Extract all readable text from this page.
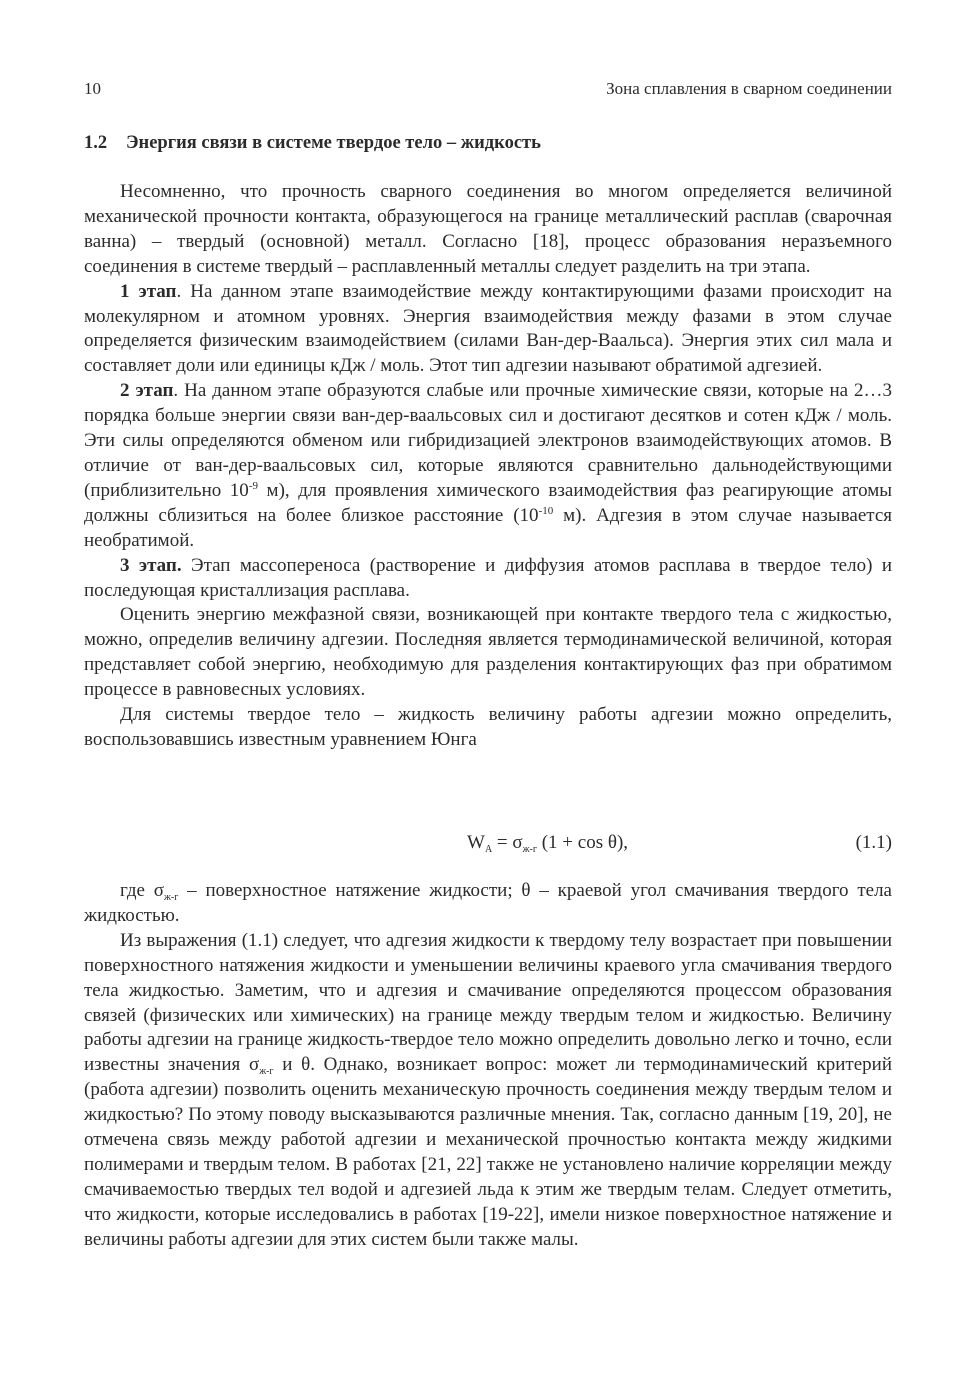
10	Зона сплавления в сварном соединении
1.2 Энергия связи в системе твердое тело – жидкость

Несомненно, что прочность сварного соединения во многом определяется величиной механической прочности контакта, образующегося на границе металлический расплав (сварочная ванна) – твердый (основной) металл. Согласно [18], процесс образования неразъемного соединения в системе твердый – расплавленный металлы следует разделить на три этапа.

1 этап. На данном этапе взаимодействие между контактирующими фазами происходит на молекулярном и атомном уровнях. Энергия взаимодействия между фазами в этом случае определяется физическим взаимодействием (силами Ван-дер-Ваальса). Энергия этих сил мала и составляет доли или единицы кДж / моль. Этот тип адгезии называют обратимой адгезией.

2 этап. На данном этапе образуются слабые или прочные химические связи, которые на 2…3 порядка больше энергии связи ван-дер-ваальсовых сил и достигают десятков и сотен кДж / моль. Эти силы определяются обменом или гибридизацией электронов взаимодействующих атомов. В отличие от ван-дер-ваальсовых сил, которые являются сравнительно дальнодействующими (приблизительно $10^{-9}$ м), для проявления химического взаимодействия фаз реагирующие атомы должны сблизиться на более близкое расстояние ($10^{-10}$ м). Адгезия в этом случае называется необратимой.

3 этап. Этап массопереноса (растворение и диффузия атомов расплава в твердое тело) и последующая кристаллизация расплава.

Оценить энергию межфазной связи, возникающей при контакте твердого тела с жидкостью, можно, определив величину адгезии. Последняя является термодинамической величиной, которая представляет собой энергию, необходимую для разделения контактирующих фаз при обратимом процессе в равновесных условиях.

Для системы твердое тело – жидкость величину работы адгезии можно определить, воспользовавшись известным уравнением Юнга

$W_A = \sigma_{ж-г}$ (1 + cos θ),	(1.1)

где $\sigma_{ж-г}$ – поверхностное натяжение жидкости; θ – краевой угол смачивания твердого тела жидкостью.

Из выражения (1.1) следует, что адгезия жидкости к твердому телу возрастает при повышении поверхностного натяжения жидкости и уменьшении величины краевого угла смачивания твердого тела жидкостью. Заметим, что и адгезия и смачивание определяются процессом образования связей (физических или химических) на границе между твердым телом и жидкостью. Величину работы адгезии на границе жидкость-твердое тело можно определить довольно легко и точно, если известны значения $\sigma_{ж-г}$ и θ. Однако, возникает вопрос: может ли термодинамический критерий (работа адгезии) позволить оценить механическую прочность соединения между твердым телом и жидкостью? По этому поводу высказываются различные мнения. Так, согласно данным [19, 20], не отмечена связь между работой адгезии и механической прочностью контакта между жидкими полимерами и твердым телом. В работах [21, 22] также не установлено наличие корреляции между смачиваемостью твердых тел водой и адгезией льда к этим же твердым телам. Следует отметить, что жидкости, которые исследовались в работах [19-22], имели низкое поверхностное натяжение и величины работы адгезии для этих систем были также малы.
